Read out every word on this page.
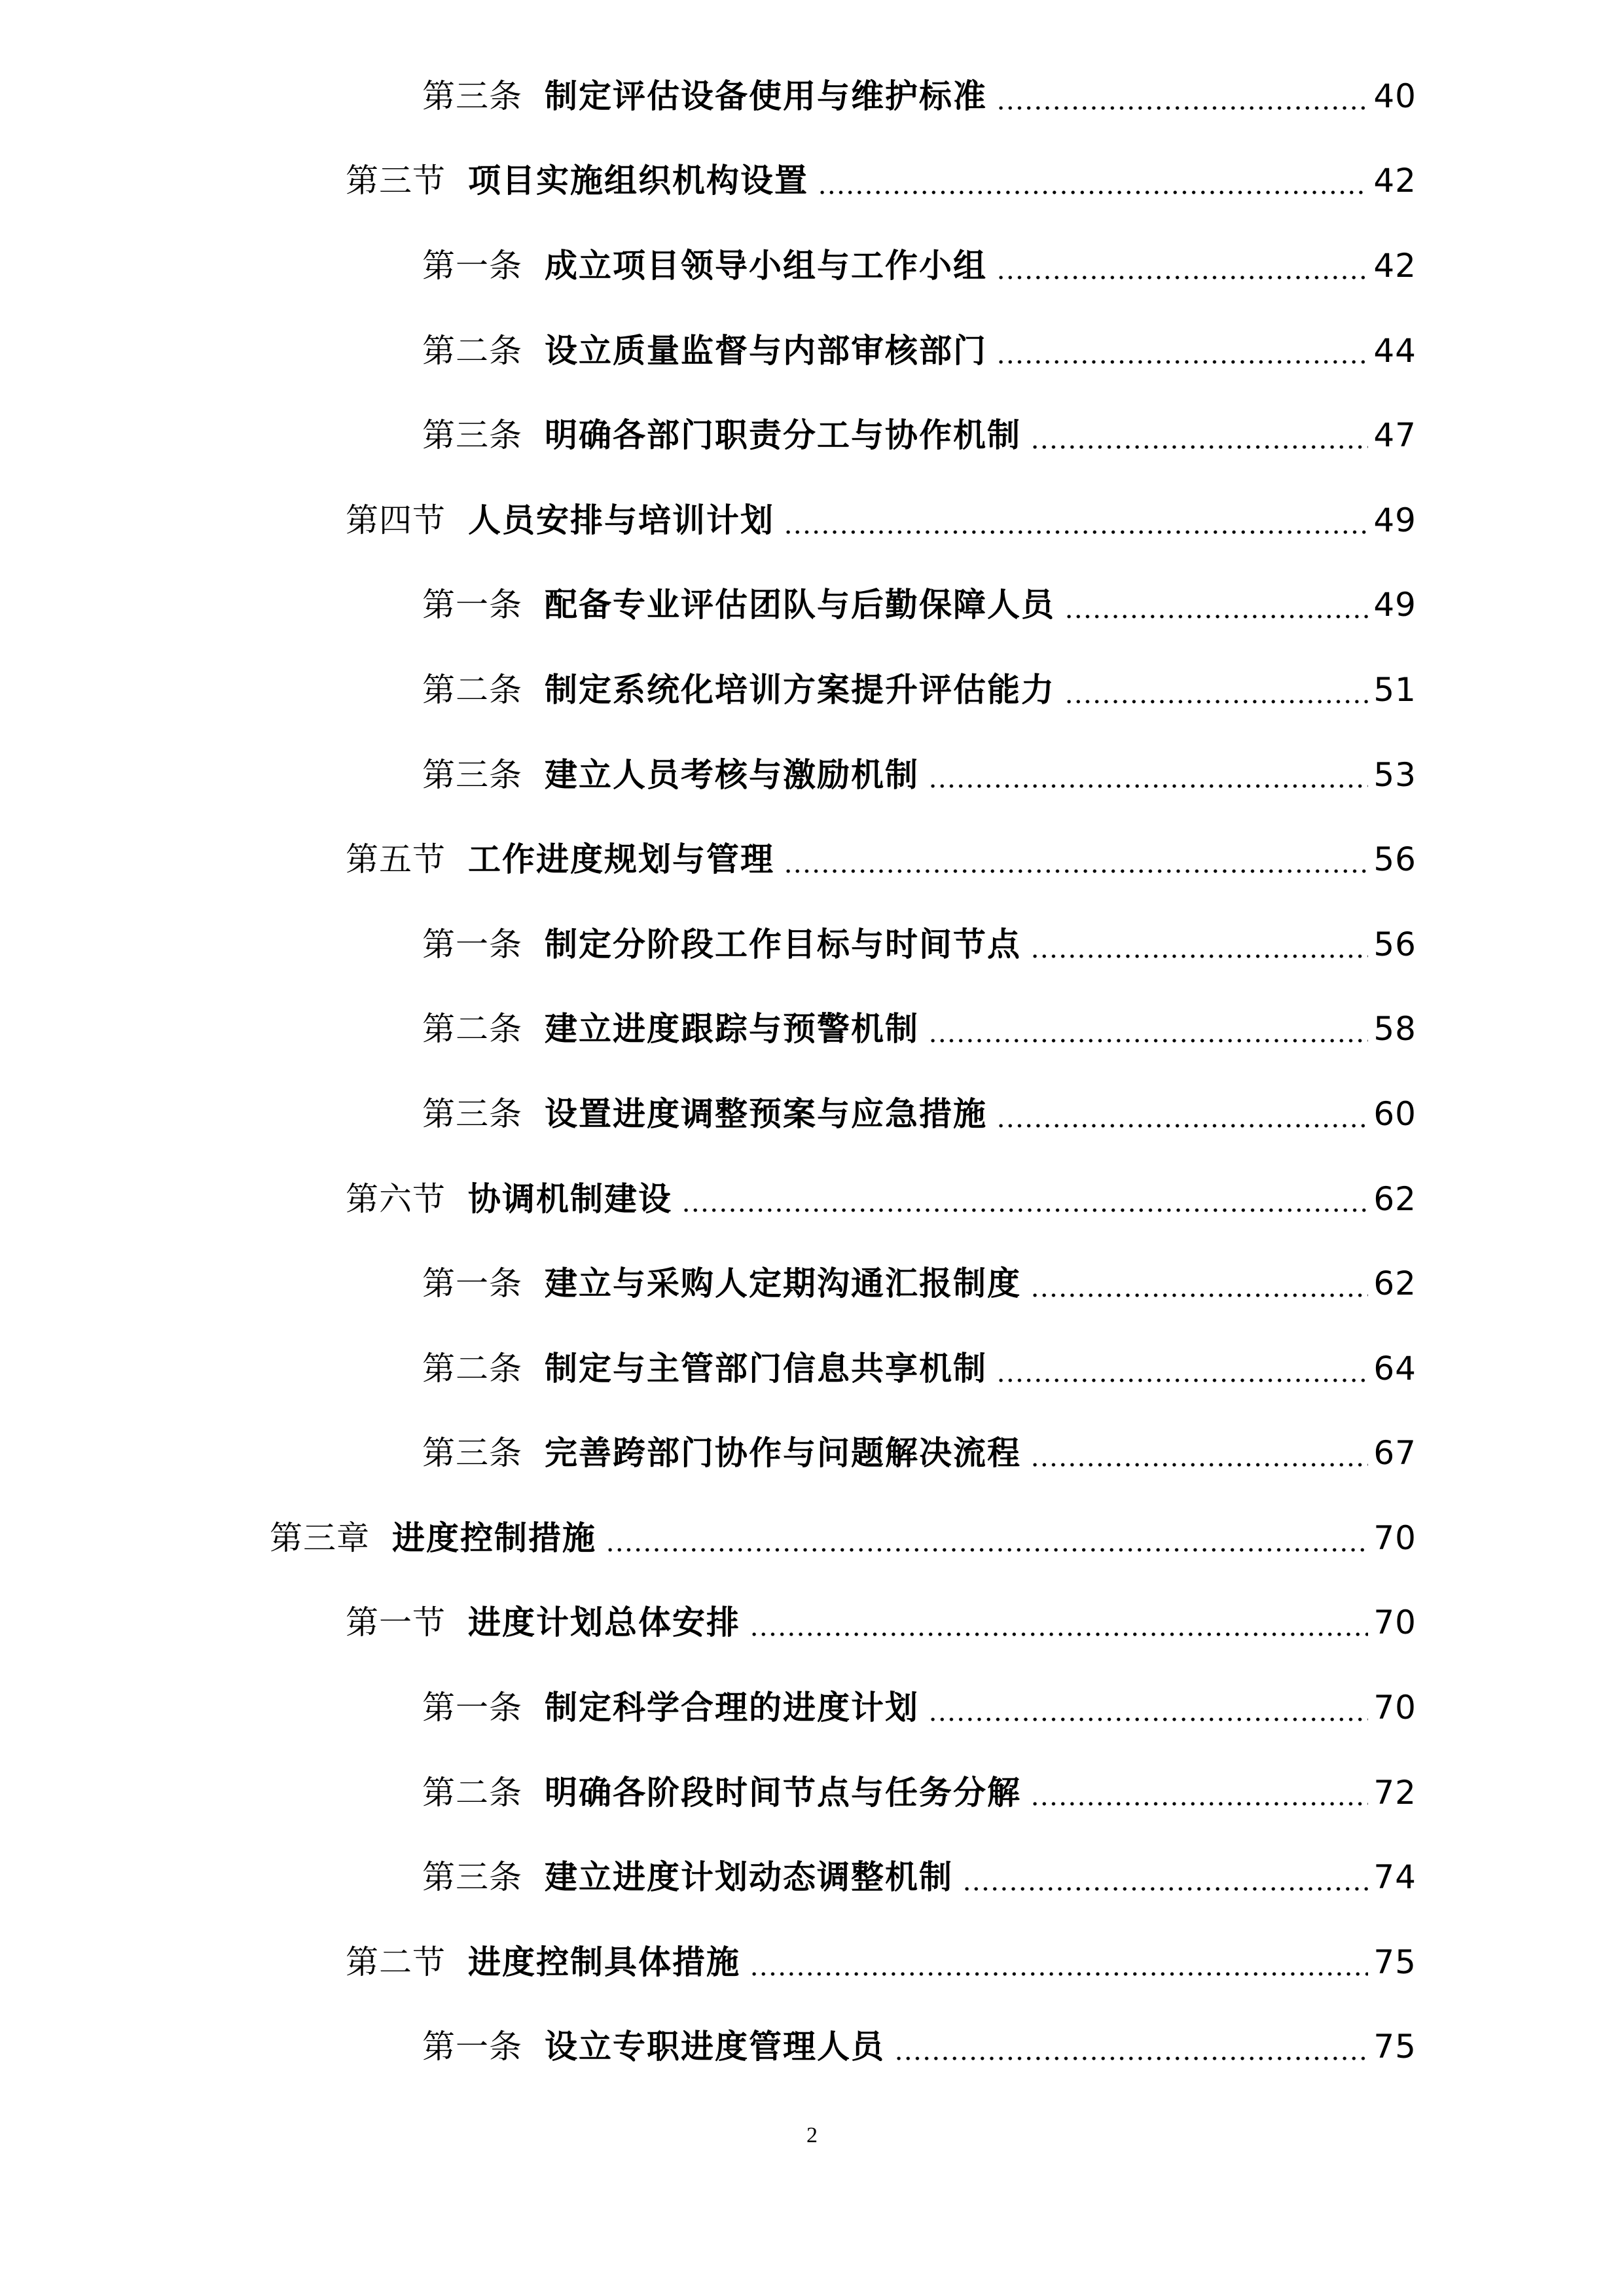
第三条 制定评估设备使用与维护标准	40
第三节 项目实施组织机构设置	42
第一条 成立项目领导小组与工作小组	42
第二条 设立质量监督与内部审核部门	44
第三条 明确各部门职责分工与协作机制	47
第四节 人员安排与培训计划	49
第一条 配备专业评估团队与后勤保障人员	49
第二条 制定系统化培训方案提升评估能力	51
第三条 建立人员考核与激励机制	53
第五节 工作进度规划与管理	56
第一条 制定分阶段工作目标与时间节点	56
第二条 建立进度跟踪与预警机制	58
第三条 设置进度调整预案与应急措施	60
第六节 协调机制建设	62
第一条 建立与采购人定期沟通汇报制度	62
第二条 制定与主管部门信息共享机制	64
第三条 完善跨部门协作与问题解决流程	67
第三章 进度控制措施	70
第一节 进度计划总体安排	70
第一条 制定科学合理的进度计划	70
第二条 明确各阶段时间节点与任务分解	72
第三条 建立进度计划动态调整机制	74
第二节 进度控制具体措施	75
第一条 设立专职进度管理人员	75
2
